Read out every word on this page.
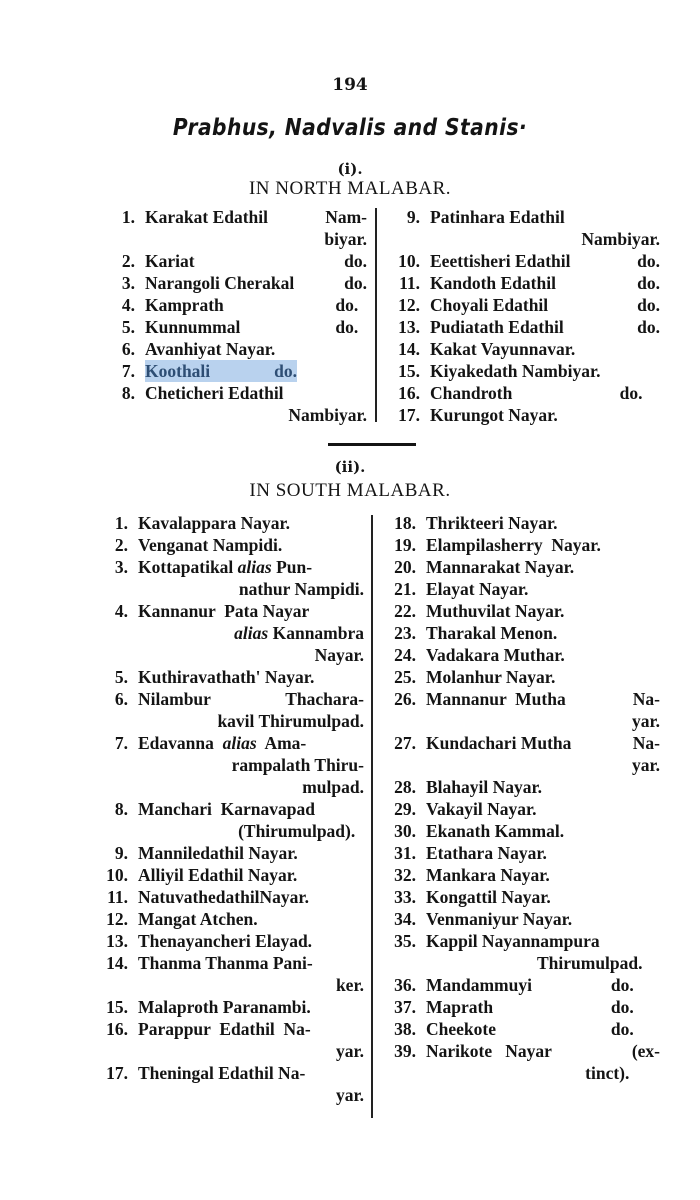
194
Prabhus, Nadvalis and Stanis·
(i).
IN NORTH MALABAR.
1. Karakat Edathil	Nam-
biyar.
2. Kariat	do.
3. Narangoli Cherakal	do.
4. Kamprath	do.
5. Kunnummal	do.
6. Avanhiyat Nayar.
7. Koothali	do.
8. Cheticheri Edathil
Nambiyar.
9. Patinhara Edathil
Nambiyar.
10. Eeettisheri Edathil	do.
11. Kandoth Edathil	do.
12. Choyali Edathil	do.
13. Pudiatath Edathil	do.
14. Kakat Vayunnavar.
15. Kiyakedath Nambiyar.
16. Chandroth	do.
17. Kurungot Nayar.
(ii).
IN SOUTH MALABAR.
1. Kavalappara Nayar.
2. Venganat Nampidi.
3. Kottapatikal alias Pun-
nathur Nampidi.
4. Kannanur  Pata Nayar
alias Kannambra
Nayar.
5. Kuthiravathath' Nayar.
6. Nilambur	Thachara-
kavil Thirumulpad.
7. Edavanna  alias  Ama-
rampalath Thiru-
mulpad.
8. Manchari  Karnavapad
(Thirumulpad).
9. Manniledathil Nayar.
10. Alliyil Edathil Nayar.
11. NatuvathedathilNayar.
12. Mangat Atchen.
13. Thenayancheri Elayad.
14. Thanma Thanma Pani-
ker.
15. Malaproth Paranambi.
16. Parappur  Edathil  Na-
yar.
17. Theningal Edathil Na-
yar.
18. Thrikteeri Nayar.
19. Elampilasherry  Nayar.
20. Mannarakat Nayar.
21. Elayat Nayar.
22. Muthuvilat Nayar.
23. Tharakal Menon.
24. Vadakara Muthar.
25. Molanhur Nayar.
26. Mannanur  Mutha	Na-
yar.
27. Kundachari Mutha	Na-
yar.
28. Blahayil Nayar.
29. Vakayil Nayar.
30. Ekanath Kammal.
31. Etathara Nayar.
32. Mankara Nayar.
33. Kongattil Nayar.
34. Venmaniyur Nayar.
35. Kappil Nayannampura
Thirumulpad.
36. Mandammuyi	do.
37. Maprath	do.
38. Cheekote	do.
39. Narikote   Nayar	(ex-
tinct).
